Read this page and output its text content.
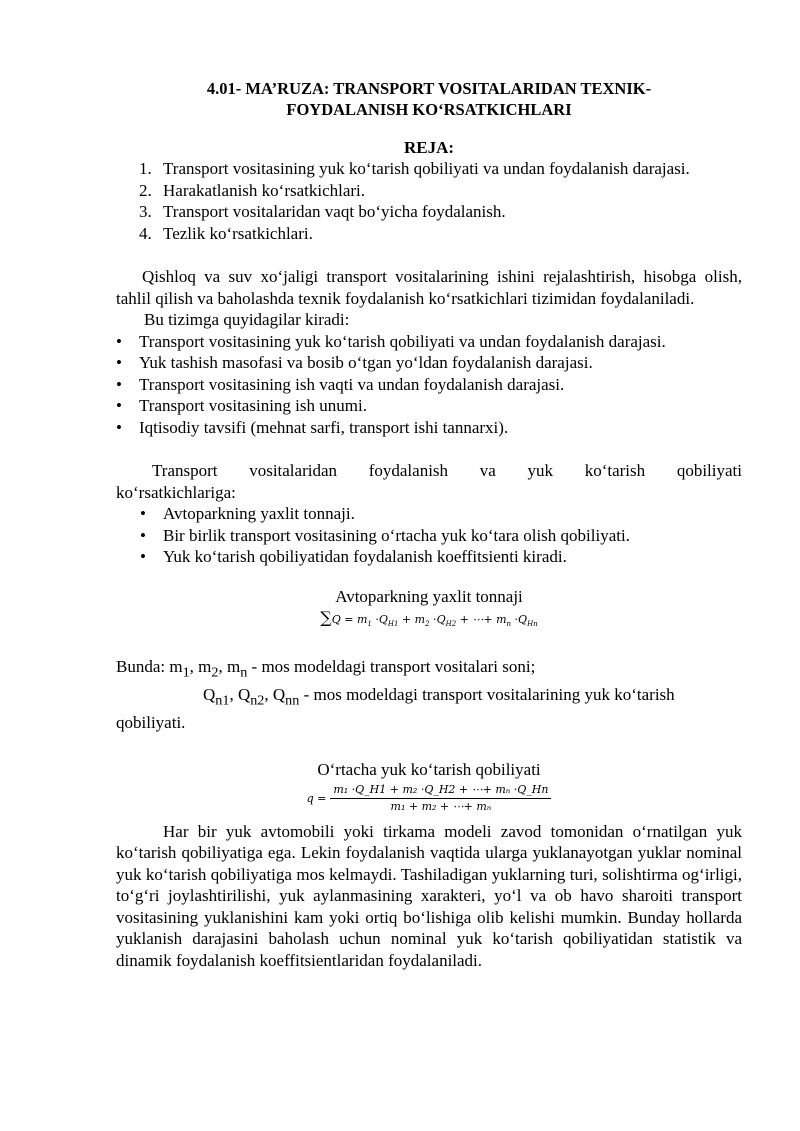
4.01- MA’RUZA: TRANSPORT VOSITALARIDAN TEXNIK-
FOYDALANISH KO‘RSATKICHLARI

REJA:

1. Transport vositasining yuk ko‘tarish qobiliyati va undan foydalanish darajasi.
2. Harakatlanish ko‘rsatkichlari.
3. Transport vositalaridan vaqt bo‘yicha foydalanish.
4. Tezlik ko‘rsatkichlari.

Qishloq va suv xo‘jaligi transport vositalarining ishini rejalashtirish, hisobga olish, tahlil qilish va baholashda texnik foydalanish ko‘rsatkichlari tizimidan foydalaniladi.

Bu tizimga quyidagilar kiradi:

• Transport vositasining yuk ko‘tarish qobiliyati va undan foydalanish darajasi.
• Yuk tashish masofasi va bosib o‘tgan yo‘ldan foydalanish darajasi.
• Transport vositasining ish vaqti va undan foydalanish darajasi.
• Transport vositasining ish unumi.
• Iqtisodiy tavsifi (mehnat sarfi, transport ishi tannarxi).

Transport vositalaridan foydalanish va yuk ko‘tarish qobiliyati

ko‘rsatkichlariga:

• Avtoparkning yaxlit tonnaji.
• Bir birlik transport vositasining o‘rtacha yuk ko‘tara olish qobiliyati.
• Yuk ko‘tarish qobiliyatidan foydalanish koeffitsienti kiradi.

Avtoparkning yaxlit tonnaji

$\sum Q = m_1 \cdot Q_{H1} + m_2 \cdot Q_{H2}$ + ⋯+ $m_n \cdot Q_{Hn}$

Bunda: $m_1$, $m_2$, $m_n$ - mos modeldagi transport vositalari soni;

$Q_{n1}$, $Q_{n2}$, $Q_{nn}$ - mos modeldagi transport vositalarining yuk ko‘tarish

qobiliyati.

O‘rtacha yuk ko‘tarish qobiliyati

$q = \frac{\text{m₁ ·Q\_H1 + m₂ ·Q\_H2 + ⋯+ mₙ ·Q\_Hn}}{\text{m₁ + m₂ + ⋯+ mₙ}}$

Har bir yuk avtomobili yoki tirkama modeli zavod tomonidan o‘rnatilgan yuk ko‘tarish qobiliyatiga ega. Lekin foydalanish vaqtida ularga yuklanayotgan yuklar nominal yuk ko‘tarish qobiliyatiga mos kelmaydi. Tashiladigan yuklarning turi, solishtirma og‘irligi, to‘g‘ri joylashtirilishi, yuk aylanmasining xarakteri, yo‘l va ob havo sharoiti transport vositasining yuklanishini kam yoki ortiq bo‘lishiga olib kelishi mumkin. Bunday hollarda yuklanish darajasini baholash uchun nominal yuk ko‘tarish qobiliyatidan statistik va dinamik foydalanish koeffitsientlaridan foydalaniladi.
